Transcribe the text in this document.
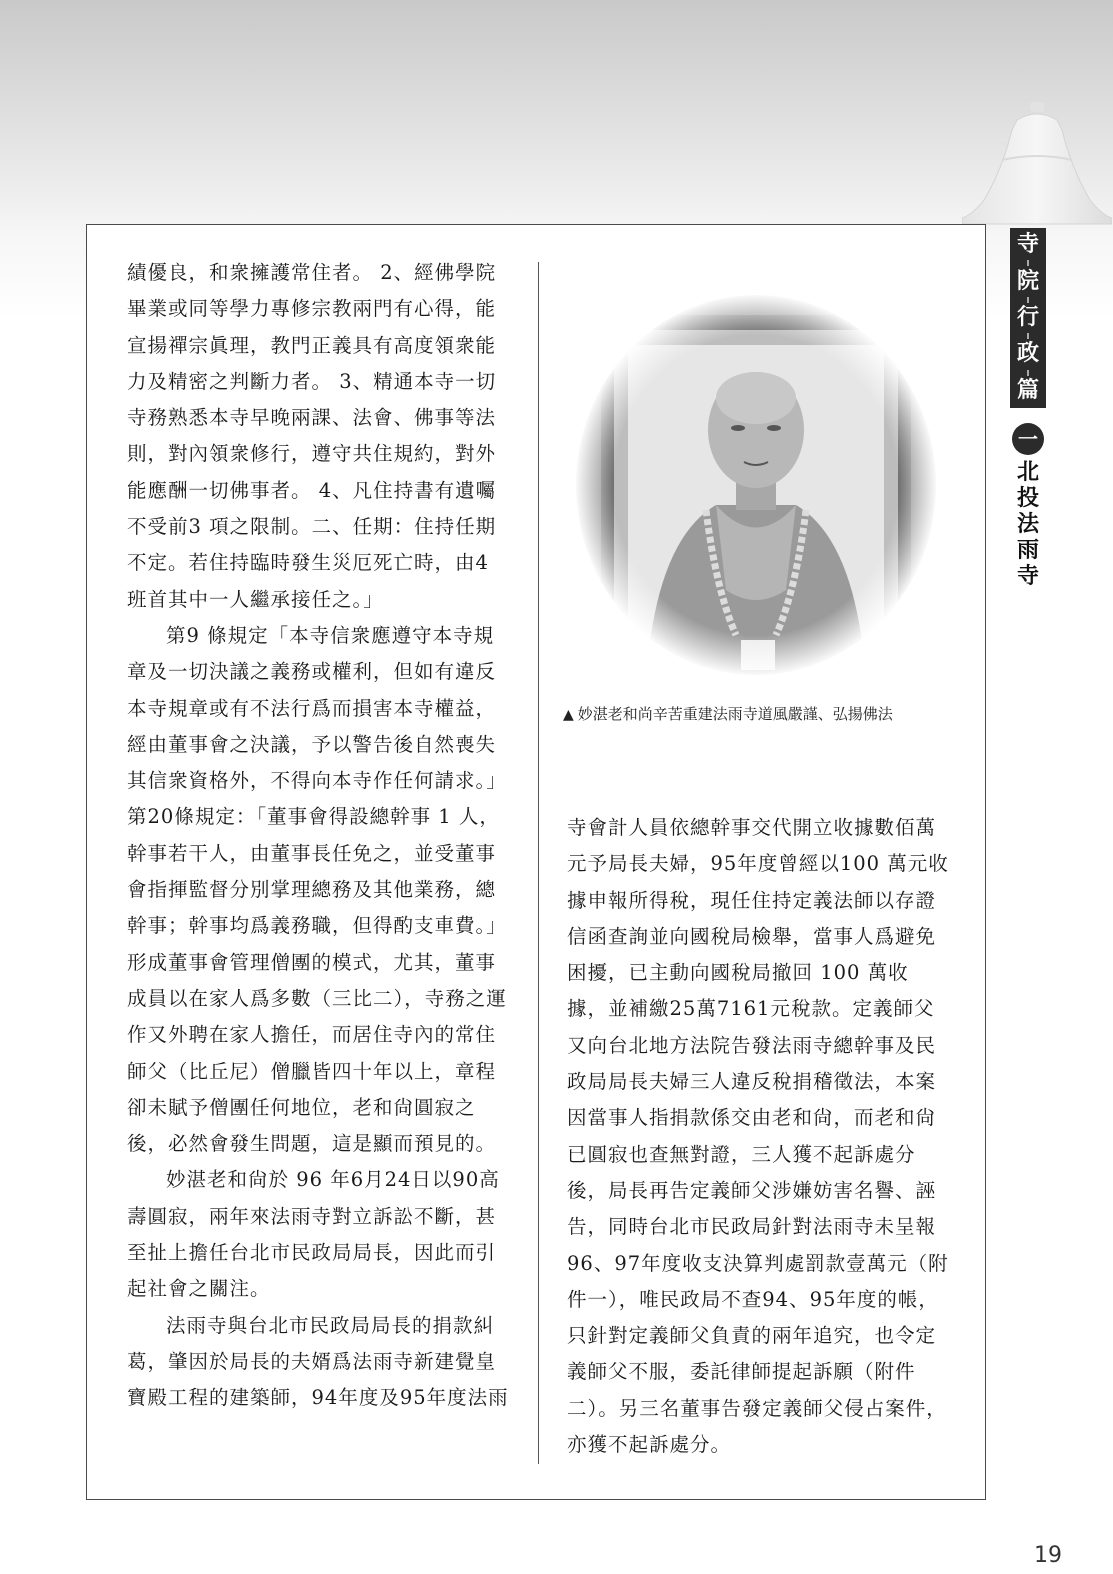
績優良，和衆擁護常住者。 2、經佛學院畢業或同等學力專修宗教兩門有心得，能宣揚禪宗眞理，教門正義具有高度領衆能力及精密之判斷力者。 3、精通本寺一切寺務熟悉本寺早晚兩課、法會、佛事等法則，對內領衆修行，遵守共住規約，對外能應酬一切佛事者。 4、凡住持書有遺囑不受前3 項之限制。二、任期：住持任期不定。若住持臨時發生災厄死亡時，由4 班首其中一人繼承接任之。」

第9 條規定「本寺信衆應遵守本寺規章及一切決議之義務或權利，但如有違反本寺規章或有不法行爲而損害本寺權益，經由董事會之決議，予以警告後自然喪失其信衆資格外，不得向本寺作任何請求。」第20條規定：「董事會得設總幹事 1 人，幹事若干人，由董事長任免之，並受董事會指揮監督分別掌理總務及其他業務，總幹事；幹事均爲義務職，但得酌支車費。」形成董事會管理僧團的模式，尤其，董事成員以在家人爲多數（三比二），寺務之運作又外聘在家人擔任，而居住寺內的常住師父（比丘尼）僧臘皆四十年以上，章程卻未賦予僧團任何地位，老和尙圓寂之後，必然會發生問題，這是顯而預見的。

妙湛老和尙於 96 年6月24日以90高壽圓寂，兩年來法雨寺對立訴訟不斷，甚至扯上擔任台北市民政局局長，因此而引起社會之關注。

法雨寺與台北市民政局局長的捐款糾葛，肇因於局長的夫婿爲法雨寺新建覺皇寶殿工程的建築師，94年度及95年度法雨

▲ 妙湛老和尚辛苦重建法雨寺道風嚴謹、弘揚佛法

寺會計人員依總幹事交代開立收據數佰萬元予局長夫婦，95年度曾經以100 萬元收據申報所得稅，現任住持定義法師以存證信函查詢並向國稅局檢舉，當事人爲避免困擾，已主動向國稅局撤回 100 萬收據，並補繳25萬7161元稅款。定義師父又向台北地方法院告發法雨寺總幹事及民政局局長夫婦三人違反稅捐稽徵法，本案因當事人指捐款係交由老和尙，而老和尙已圓寂也查無對證，三人獲不起訴處分後，局長再告定義師父涉嫌妨害名譽、誣告，同時台北市民政局針對法雨寺未呈報96、97年度收支決算判處罰款壹萬元（附件一），唯民政局不查94、95年度的帳，只針對定義師父負責的兩年追究，也令定義師父不服，委託律師提起訴願（附件二）。另三名董事告發定義師父侵占案件，亦獲不起訴處分。

寺
院
行
政
篇
一
北
投
法
雨
寺
19
